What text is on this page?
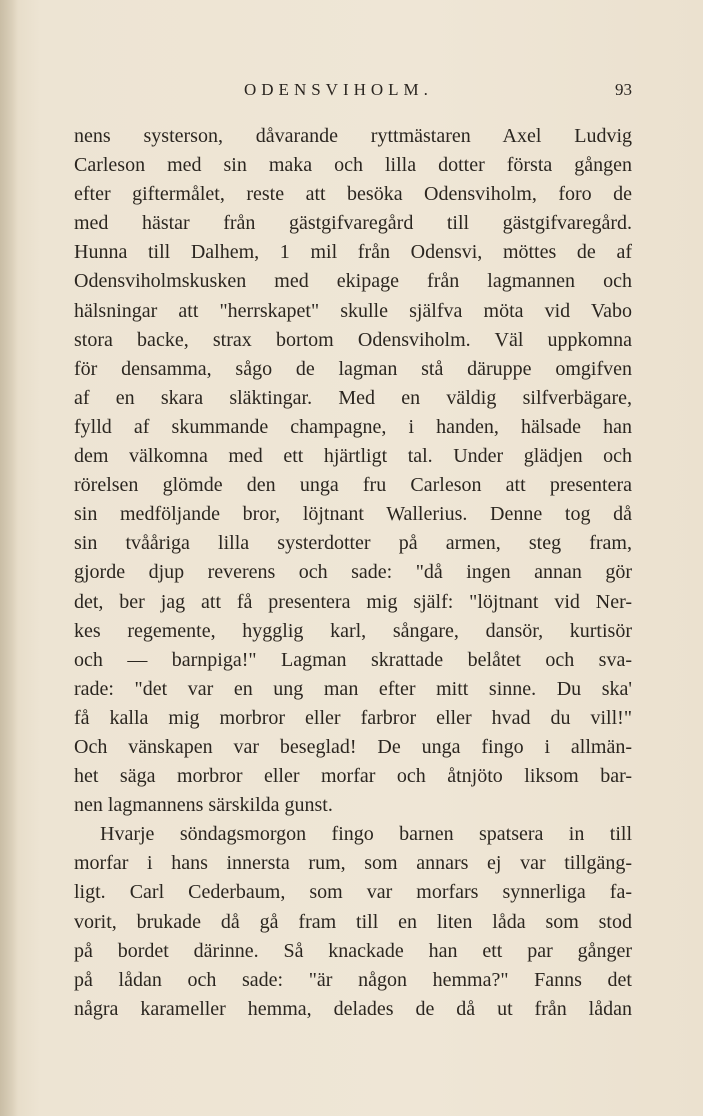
ODENSVIHOLM.	93
nens systerson, dåvarande ryttmästaren Axel Ludvig
Carleson med sin maka och lilla dotter första gången
efter giftermålet, reste att besöka Odensviholm, foro de
med hästar från gästgifvaregård till gästgifvaregård.
Hunna till Dalhem, 1 mil från Odensvi, möttes de af
Odensviholmskusken med ekipage från lagmannen och
hälsningar att "herrskapet" skulle själfva möta vid Vabo
stora backe, strax bortom Odensviholm. Väl uppkomna
för densamma, sågo de lagman stå däruppe omgifven
af en skara släktingar. Med en väldig silfverbägare,
fylld af skummande champagne, i handen, hälsade han
dem välkomna med ett hjärtligt tal. Under glädjen och
rörelsen glömde den unga fru Carleson att presentera
sin medföljande bror, löjtnant Wallerius. Denne tog då
sin tvååriga lilla systerdotter på armen, steg fram,
gjorde djup reverens och sade: "då ingen annan gör
det, ber jag att få presentera mig själf: "löjtnant vid Ner-
kes regemente, hygglig karl, sångare, dansör, kurtisör
och — barnpiga!" Lagman skrattade belåtet och sva-
rade: "det var en ung man efter mitt sinne. Du ska'
få kalla mig morbror eller farbror eller hvad du vill!"
Och vänskapen var beseglad! De unga fingo i allmän-
het säga morbror eller morfar och åtnjöto liksom bar-
nen lagmannens särskilda gunst.
Hvarje söndagsmorgon fingo barnen spatsera in till
morfar i hans innersta rum, som annars ej var tillgäng-
ligt. Carl Cederbaum, som var morfars synnerliga fa-
vorit, brukade då gå fram till en liten låda som stod
på bordet därinne. Så knackade han ett par gånger
på lådan och sade: "är någon hemma?" Fanns det
några karameller hemma, delades de då ut från lådan
